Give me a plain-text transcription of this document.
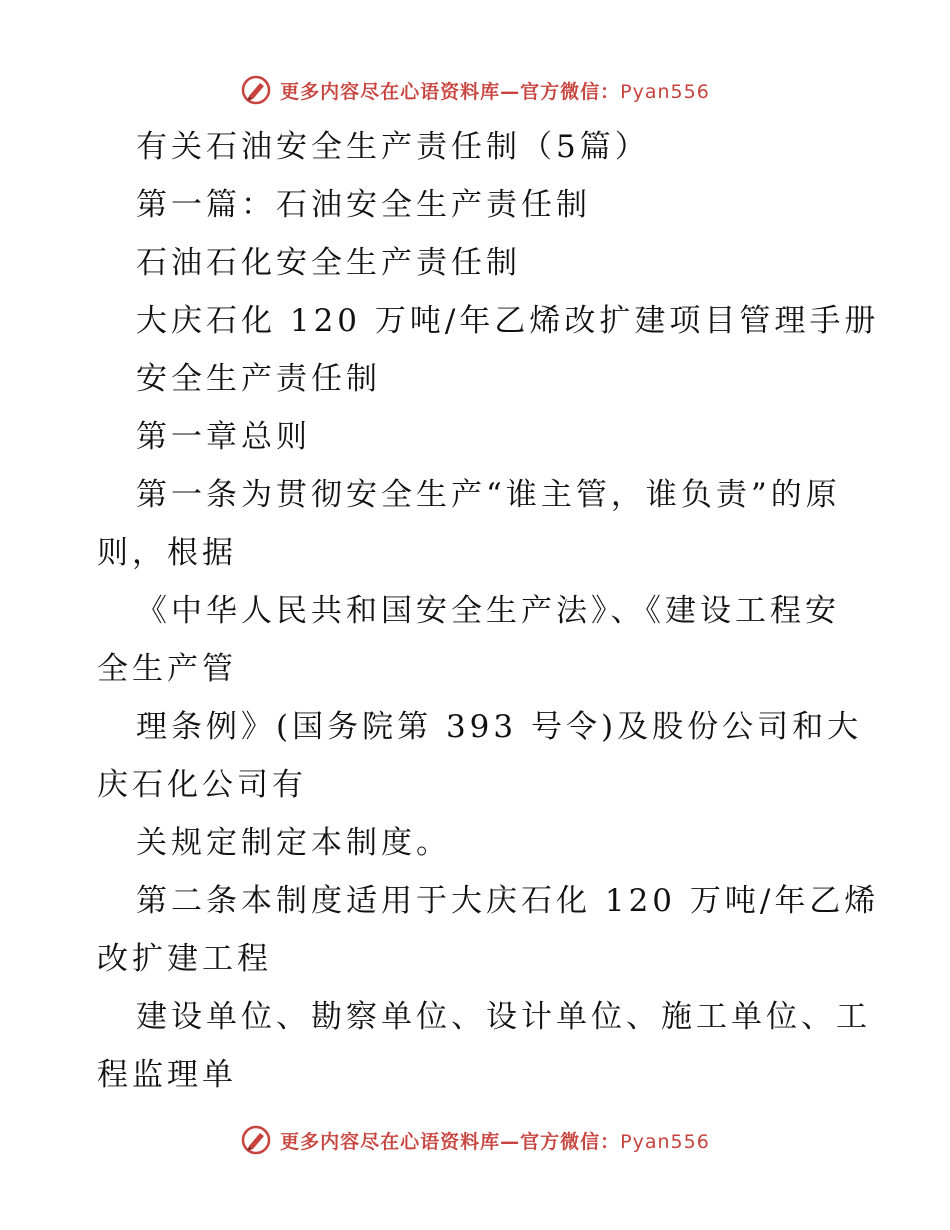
更多内容尽在心语资料库—官方微信：Pyan556
有关石油安全生产责任制（5篇）
第一篇：石油安全生产责任制
石油石化安全生产责任制
大庆石化 120 万吨/年乙烯改扩建项目管理手册
安全生产责任制
第一章总则
第一条为贯彻安全生产“谁主管，谁负责”的原
则，根据
《中华人民共和国安全生产法》、《建设工程安
全生产管
理条例》(国务院第 393 号令)及股份公司和大
庆石化公司有
关规定制定本制度。
第二条本制度适用于大庆石化 120 万吨/年乙烯
改扩建工程
建设单位、勘察单位、设计单位、施工单位、工
程监理单
更多内容尽在心语资料库—官方微信：Pyan556
